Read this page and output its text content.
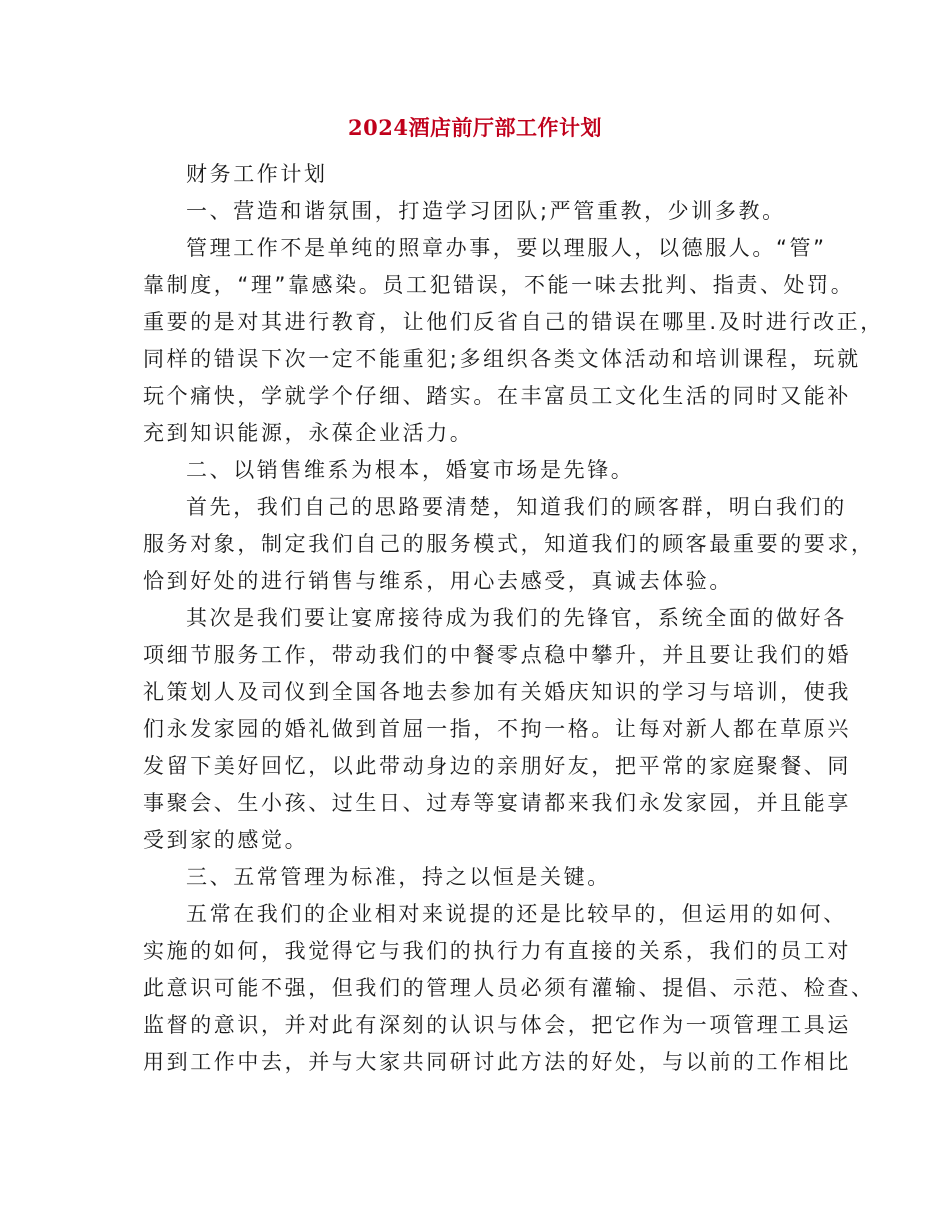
2024酒店前厅部工作计划
财务工作计划
一、营造和谐氛围，打造学习团队;严管重教，少训多教。
管理工作不是单纯的照章办事，要以理服人，以德服人。“管”
靠制度，“理”靠感染。员工犯错误，不能一味去批判、指责、处罚。
重要的是对其进行教育，让他们反省自己的错误在哪里.及时进行改正，
同样的错误下次一定不能重犯;多组织各类文体活动和培训课程，玩就
玩个痛快，学就学个仔细、踏实。在丰富员工文化生活的同时又能补
充到知识能源，永葆企业活力。
二、以销售维系为根本，婚宴市场是先锋。
首先，我们自己的思路要清楚，知道我们的顾客群，明白我们的
服务对象，制定我们自己的服务模式，知道我们的顾客最重要的要求，
恰到好处的进行销售与维系，用心去感受，真诚去体验。
其次是我们要让宴席接待成为我们的先锋官，系统全面的做好各
项细节服务工作，带动我们的中餐零点稳中攀升，并且要让我们的婚
礼策划人及司仪到全国各地去参加有关婚庆知识的学习与培训，使我
们永发家园的婚礼做到首屈一指，不拘一格。让每对新人都在草原兴
发留下美好回忆，以此带动身边的亲朋好友，把平常的家庭聚餐、同
事聚会、生小孩、过生日、过寿等宴请都来我们永发家园，并且能享
受到家的感觉。
三、五常管理为标准，持之以恒是关键。
五常在我们的企业相对来说提的还是比较早的，但运用的如何、
实施的如何，我觉得它与我们的执行力有直接的关系，我们的员工对
此意识可能不强，但我们的管理人员必须有灌输、提倡、示范、检查、
监督的意识，并对此有深刻的认识与体会，把它作为一项管理工具运
用到工作中去，并与大家共同研讨此方法的好处，与以前的工作相比
